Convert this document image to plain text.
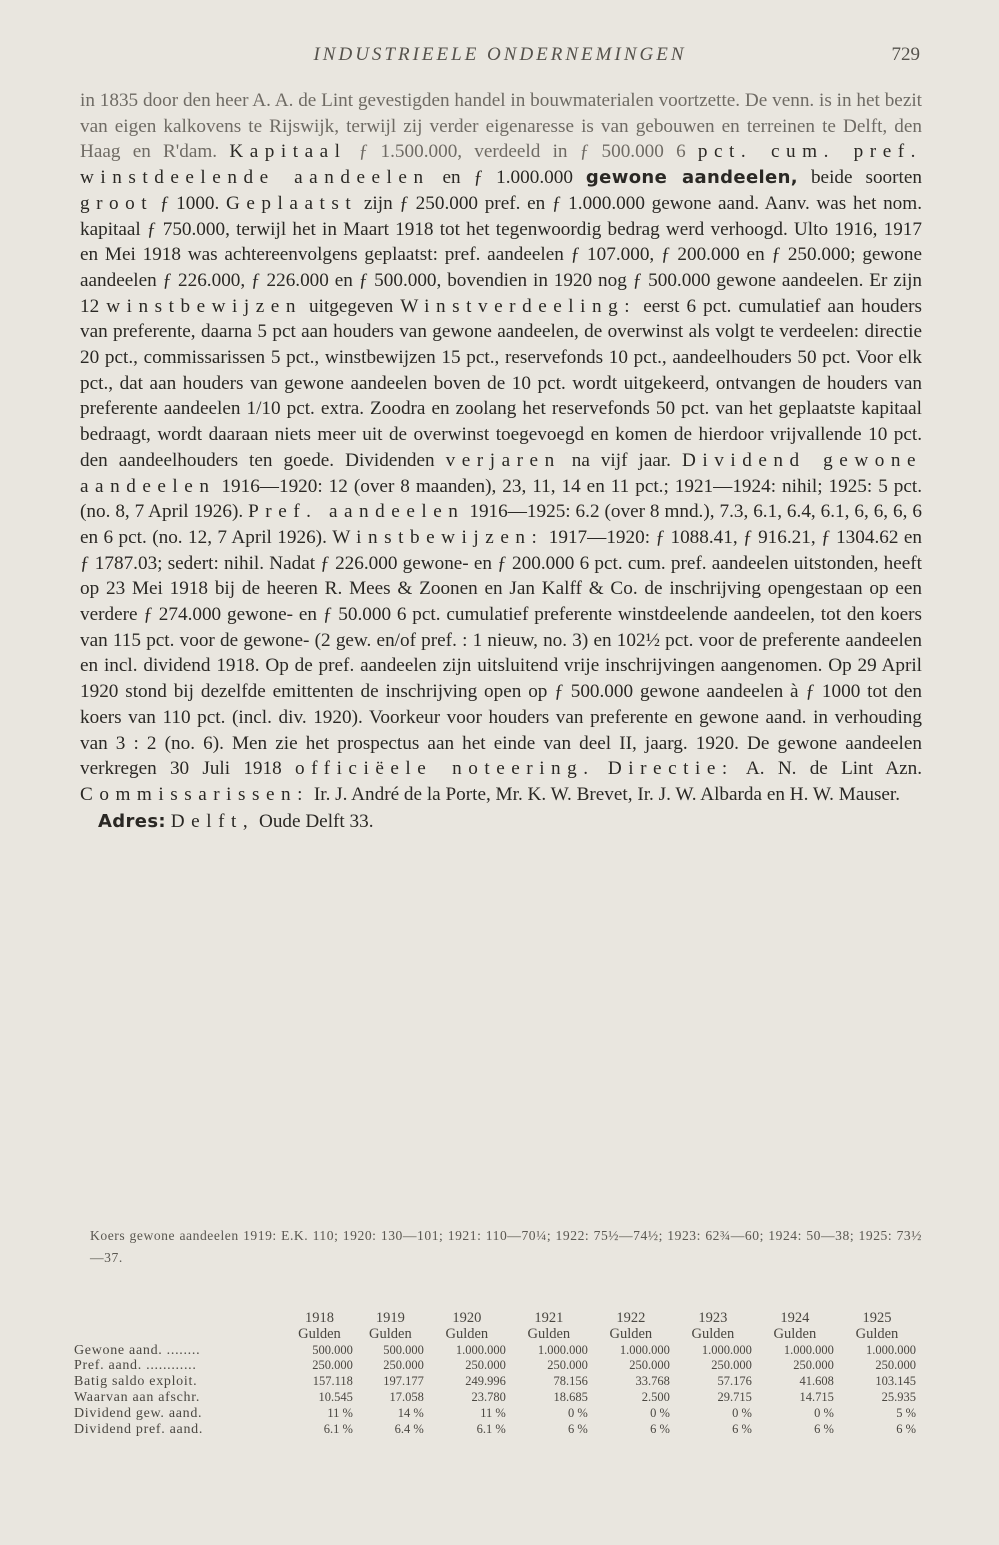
INDUSTRIEELE ONDERNEMINGEN	729

in 1835 door den heer A. A. de Lint gevestigden handel in bouwmaterialen voortzette. De venn. is in het bezit van eigen kalkovens te Rijswijk, terwijl zij verder eigenaresse is van gebouwen en terreinen te Delft, den Haag en R'dam. Kapitaal ƒ 1.500.000, verdeeld in ƒ 500.000 6 pct. cum. pref. winstdeelende aandeelen en ƒ 1.000.000 gewone aandeelen, beide soorten groot ƒ 1000. Geplaatst zijn ƒ 250.000 pref. en ƒ 1.000.000 gewone aand. Aanv. was het nom. kapitaal ƒ 750.000, terwijl het in Maart 1918 tot het tegenwoordig bedrag werd verhoogd. Ulto 1916, 1917 en Mei 1918 was achtereenvolgens geplaatst: pref. aandeelen ƒ 107.000, ƒ 200.000 en ƒ 250.000; gewone aandeelen ƒ 226.000, ƒ 226.000 en ƒ 500.000, bovendien in 1920 nog ƒ 500.000 gewone aandeelen. Er zijn 12 winstbewijzen uitgegeven Winstverdeeling: eerst 6 pct. cumulatief aan houders van preferente, daarna 5 pct aan houders van gewone aandeelen, de overwinst als volgt te verdeelen: directie 20 pct., commissarissen 5 pct., winstbewijzen 15 pct., reservefonds 10 pct., aandeelhouders 50 pct. Voor elk pct., dat aan houders van gewone aandeelen boven de 10 pct. wordt uitgekeerd, ontvangen de houders van preferente aandeelen 1/10 pct. extra. Zoodra en zoolang het reservefonds 50 pct. van het geplaatste kapitaal bedraagt, wordt daaraan niets meer uit de overwinst toegevoegd en komen de hierdoor vrijvallende 10 pct. den aandeelhouders ten goede. Dividenden verjaren na vijf jaar. Dividend gewone aandeelen 1916—1920: 12 (over 8 maanden), 23, 11, 14 en 11 pct.; 1921—1924: nihil; 1925: 5 pct. (no. 8, 7 April 1926). Pref. aandeelen 1916—1925: 6.2 (over 8 mnd.), 7.3, 6.1, 6.4, 6.1, 6, 6, 6, 6 en 6 pct. (no. 12, 7 April 1926). Winstbewijzen: 1917—1920: ƒ 1088.41, ƒ 916.21, ƒ 1304.62 en ƒ 1787.03; sedert: nihil. Nadat ƒ 226.000 gewone- en ƒ 200.000 6 pct. cum. pref. aandeelen uitstonden, heeft op 23 Mei 1918 bij de heeren R. Mees & Zoonen en Jan Kalff & Co. de inschrijving opengestaan op een verdere ƒ 274.000 gewone- en ƒ 50.000 6 pct. cumulatief preferente winstdeelende aandeelen, tot den koers van 115 pct. voor de gewone- (2 gew. en/of pref. : 1 nieuw, no. 3) en 102½ pct. voor de preferente aandeelen en incl. dividend 1918. Op de pref. aandeelen zijn uitsluitend vrije inschrijvingen aangenomen. Op 29 April 1920 stond bij dezelfde emittenten de inschrijving open op ƒ 500.000 gewone aandeelen à ƒ 1000 tot den koers van 110 pct. (incl. div. 1920). Voorkeur voor houders van preferente en gewone aand. in verhouding van 3 : 2 (no. 6). Men zie het prospectus aan het einde van deel II, jaarg. 1920. De gewone aandeelen verkregen 30 Juli 1918 officiëele noteering. Directie: A. N. de Lint Azn. Commissarissen: Ir. J. André de la Porte, Mr. K. W. Brevet, Ir. J. W. Albarda en H. W. Mauser.

Adres: Delft, Oude Delft 33.

Koers gewone aandeelen 1919: E.K. 110; 1920: 130—101; 1921: 110—70¼; 1922: 75½—74½; 1923: 62¾—60; 1924: 50—38; 1925: 73½—37.

	1918	1919	1920	1921	1922	1923	1924	1925
	Gulden	Gulden	Gulden	Gulden	Gulden	Gulden	Gulden	Gulden
Gewone aand. ........	500.000	500.000	1.000.000	1.000.000	1.000.000	1.000.000	1.000.000	1.000.000
Pref. aand. ............	250.000	250.000	250.000	250.000	250.000	250.000	250.000	250.000
Batig saldo exploit.	157.118	197.177	249.996	78.156	33.768	57.176	41.608	103.145
Waarvan aan afschr.	10.545	17.058	23.780	18.685	2.500	29.715	14.715	25.935
Dividend gew. aand.	11 %	14 %	11 %	0 %	0 %	0 %	0 %	5 %
Dividend pref. aand.	6.1 %	6.4 %	6.1 %	6 %	6 %	6 %	6 %	6 %
